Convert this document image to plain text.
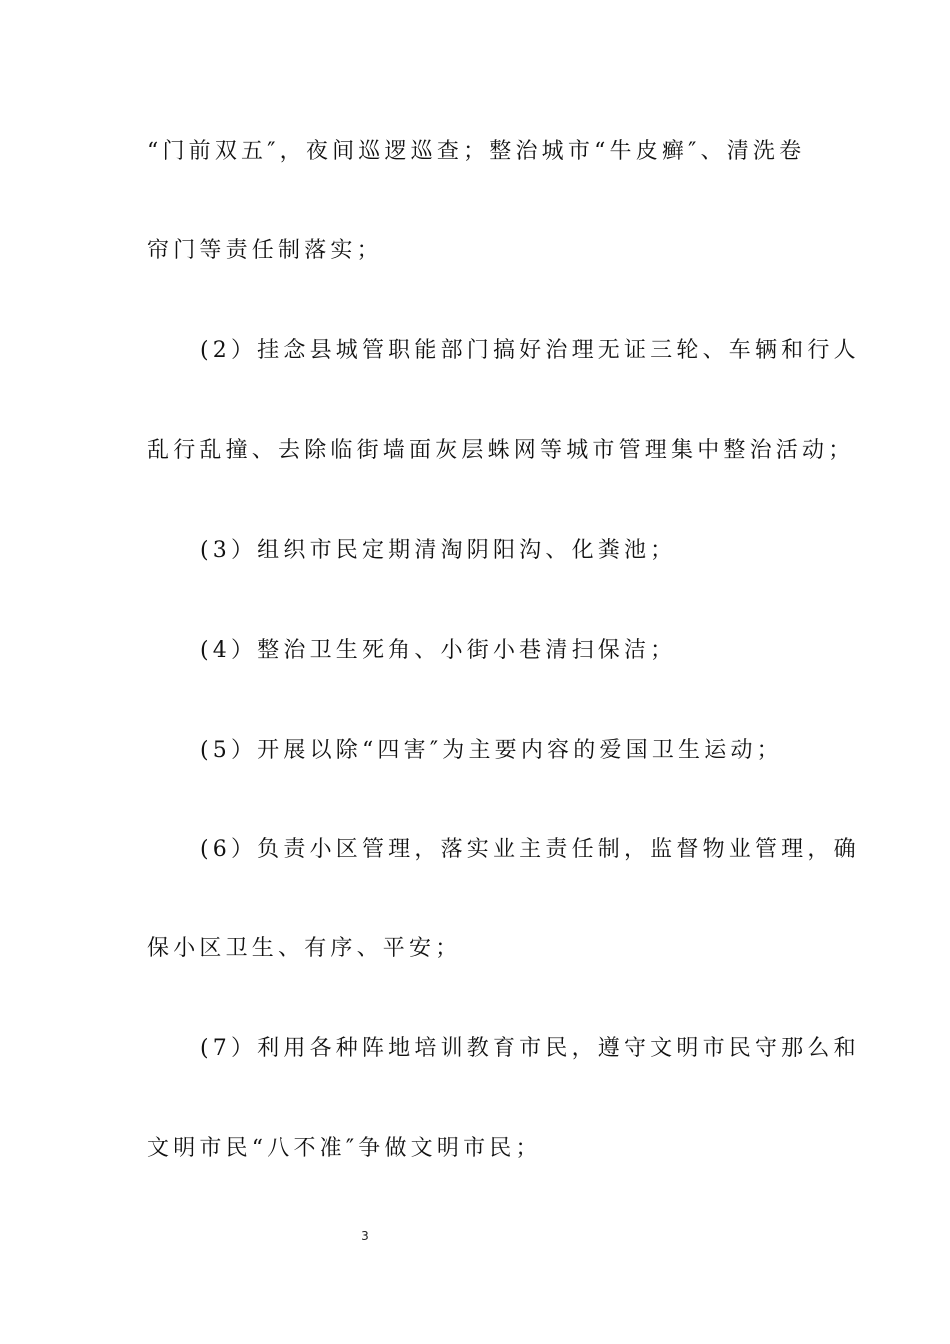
“门前双五″，夜间巡逻巡查；整治城市“牛皮癣″、清洗卷
帘门等责任制落实；
(2）挂念县城管职能部门搞好治理无证三轮、车辆和行人
乱行乱撞、去除临街墙面灰层蛛网等城市管理集中整治活动；
(3）组织市民定期清淘阴阳沟、化粪池；
(4）整治卫生死角、小街小巷清扫保洁；
(5）开展以除“四害″为主要内容的爱国卫生运动；
(6）负责小区管理，落实业主责任制，监督物业管理，确
保小区卫生、有序、平安；
(7）利用各种阵地培训教育市民，遵守文明市民守那么和
文明市民“八不准″争做文明市民；
3
